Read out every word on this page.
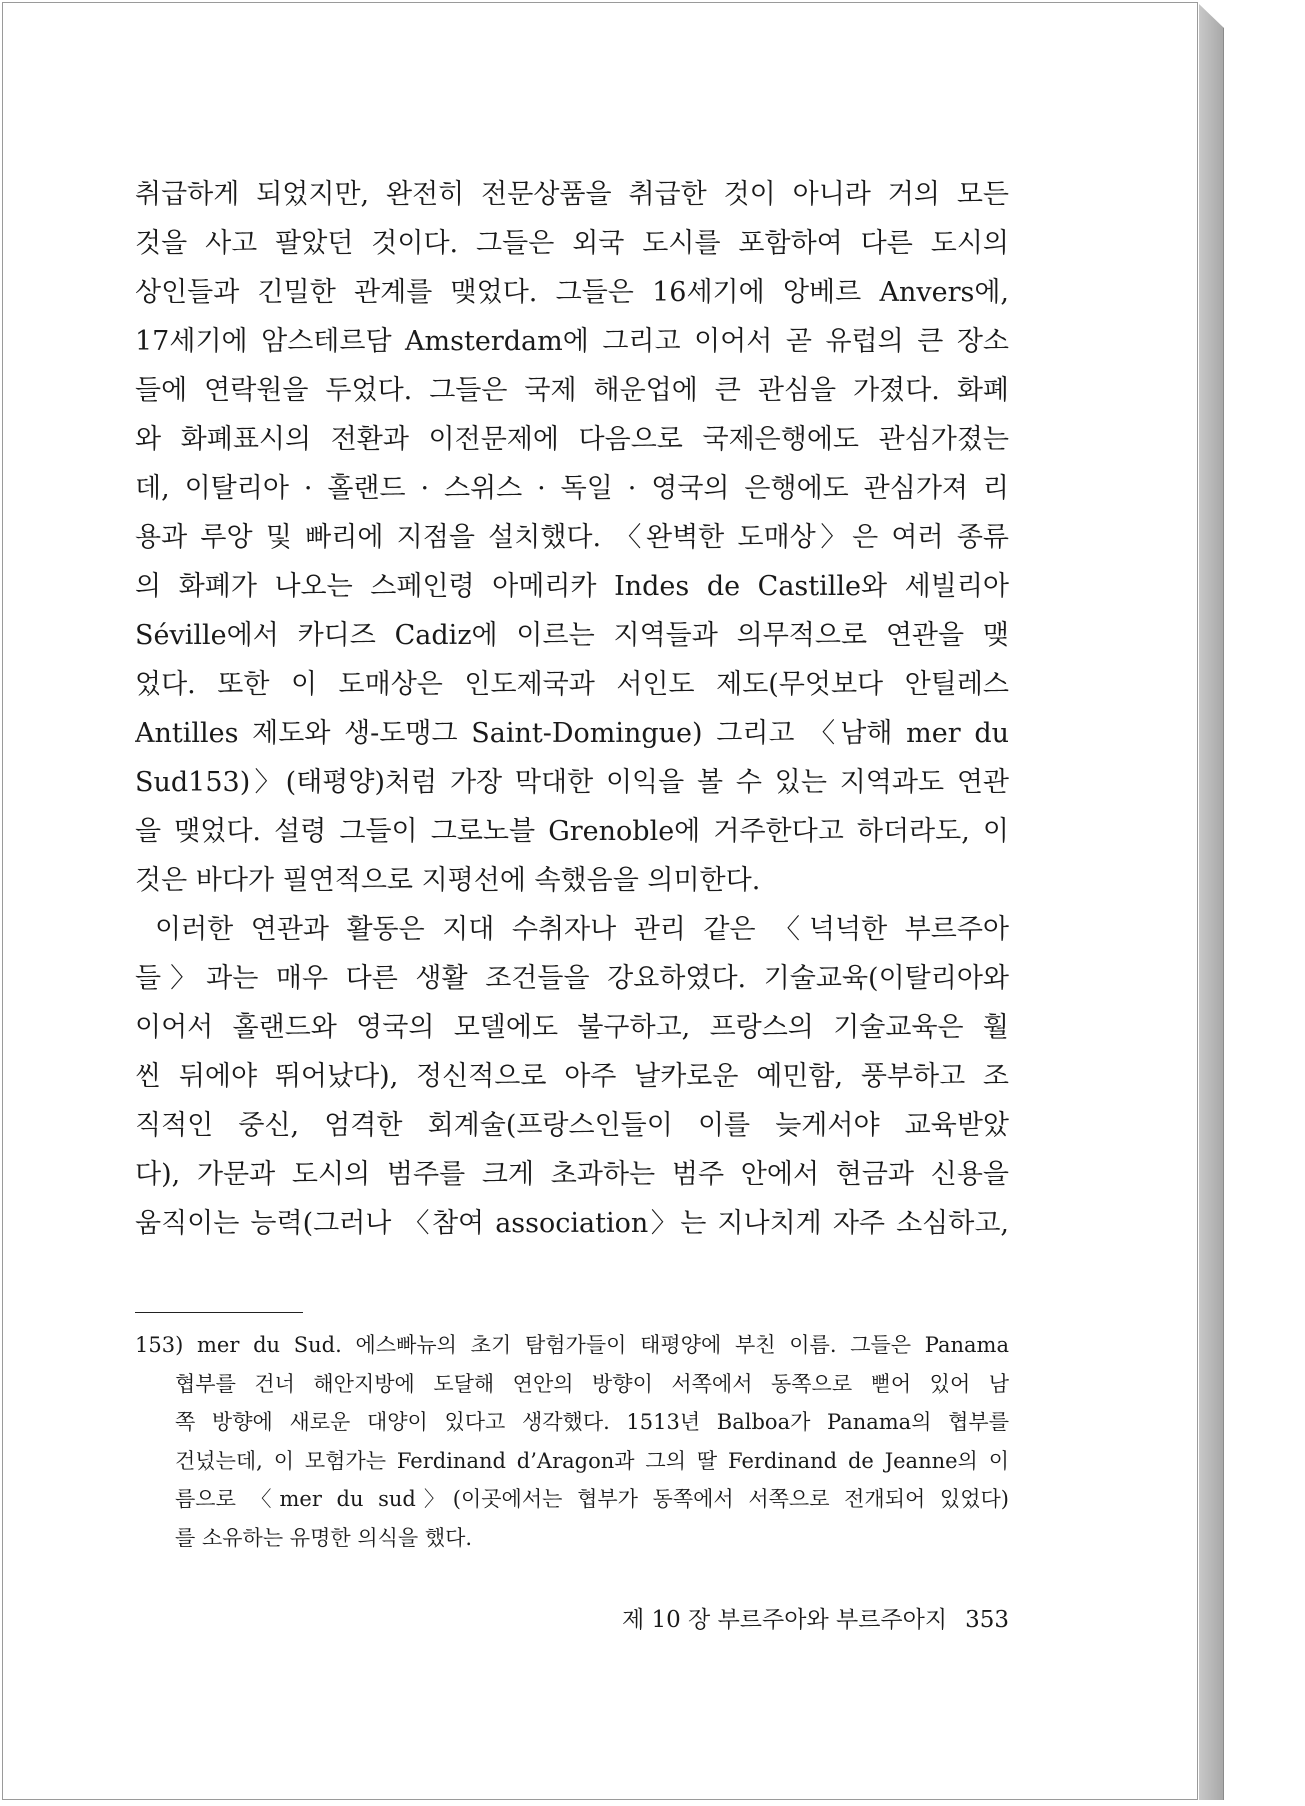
취급하게 되었지만, 완전히 전문상품을 취급한 것이 아니라 거의 모든
것을 사고 팔았던 것이다. 그들은 외국 도시를 포함하여 다른 도시의
상인들과 긴밀한 관계를 맺었다. 그들은 16세기에 앙베르 Anvers에,
17세기에 암스테르담 Amsterdam에 그리고 이어서 곧 유럽의 큰 장소
들에 연락원을 두었다. 그들은 국제 해운업에 큰 관심을 가졌다. 화폐
와 화폐표시의 전환과 이전문제에 다음으로 국제은행에도 관심가졌는
데, 이탈리아 · 홀랜드 · 스위스 · 독일 · 영국의 은행에도 관심가져 리
용과 루앙 및 빠리에 지점을 설치했다. 〈완벽한 도매상〉은 여러 종류
의 화폐가 나오는 스페인령 아메리카 Indes de Castille와 세빌리아
Séville에서 카디즈 Cadiz에 이르는 지역들과 의무적으로 연관을 맺
었다. 또한 이 도매상은 인도제국과 서인도 제도(무엇보다 안틸레스
Antilles 제도와 생-도맹그 Saint-Domingue) 그리고 〈남해 mer du
Sud153)〉(태평양)처럼 가장 막대한 이익을 볼 수 있는 지역과도 연관
을 맺었다. 설령 그들이 그로노블 Grenoble에 거주한다고 하더라도, 이
것은 바다가 필연적으로 지평선에 속했음을 의미한다.
이러한 연관과 활동은 지대 수취자나 관리 같은 〈넉넉한 부르주아
들〉과는 매우 다른 생활 조건들을 강요하였다. 기술교육(이탈리아와
이어서 홀랜드와 영국의 모델에도 불구하고, 프랑스의 기술교육은 훨
씬 뒤에야 뛰어났다), 정신적으로 아주 날카로운 예민함, 풍부하고 조
직적인 중신, 엄격한 회계술(프랑스인들이 이를 늦게서야 교육받았
다), 가문과 도시의 범주를 크게 초과하는 범주 안에서 현금과 신용을
움직이는 능력(그러나 〈참여 association〉는 지나치게 자주 소심하고,
153) mer du Sud. 에스빠뉴의 초기 탐험가들이 태평양에 부친 이름. 그들은 Panama
협부를 건너 해안지방에 도달해 연안의 방향이 서쪽에서 동쪽으로 뻗어 있어 남
쪽 방향에 새로운 대양이 있다고 생각했다. 1513년 Balboa가 Panama의 협부를
건넜는데, 이 모험가는 Ferdinand d’Aragon과 그의 딸 Ferdinand de Jeanne의 이
름으로 〈mer du sud〉(이곳에서는 협부가 동쪽에서 서쪽으로 전개되어 있었다)
를 소유하는 유명한 의식을 했다.
제 10 장 부르주아와 부르주아지 353
